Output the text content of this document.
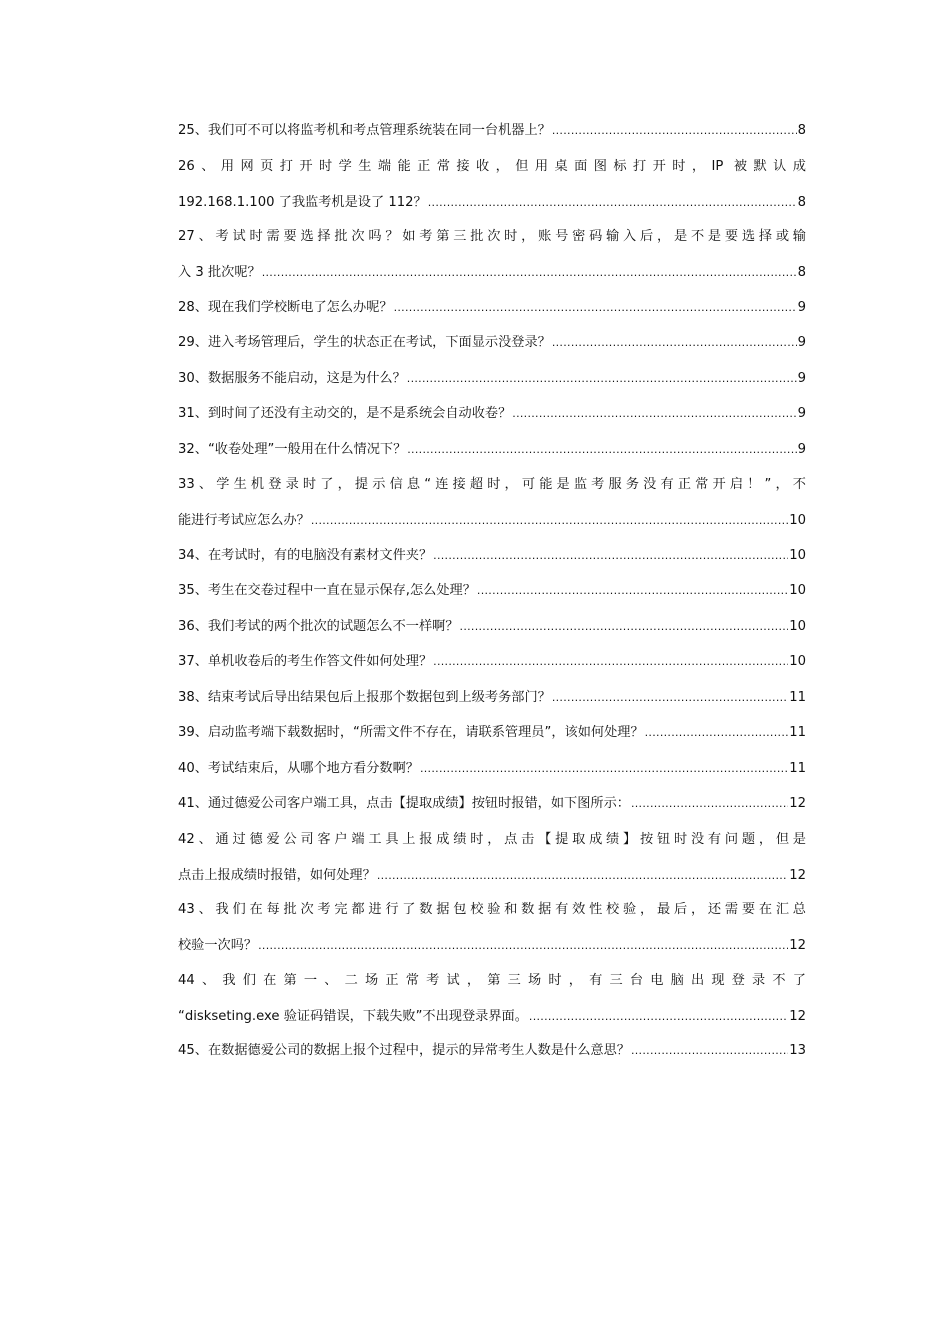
25、我们可不可以将监考机和考点管理系统装在同一台机器上？ .....	8
26、用网页打开时学生端能正常接收，但用桌面图标打开时，IP 被默认成
192.168.1.100 了我监考机是设了 112？ .....	8
27、考试时需要选择批次吗？如考第三批次时，账号密码输入后，是不是要选择或输
入 3 批次呢？ .....	8
28、现在我们学校断电了怎么办呢？ .....	9
29、进入考场管理后，学生的状态正在考试，下面显示没登录？ .....	9
30、数据服务不能启动，这是为什么？ .....	9
31、到时间了还没有主动交的，是不是系统会自动收卷？ .....	9
32、“收卷处理”一般用在什么情况下？ .....	9
33、学生机登录时了，提示信息“连接超时，可能是监考服务没有正常开启！”，不
能进行考试应怎么办？ .....	10
34、在考试时，有的电脑没有素材文件夹？ .....	10
35、考生在交卷过程中一直在显示保存,怎么处理？ .....	10
36、我们考试的两个批次的试题怎么不一样啊？ .....	10
37、单机收卷后的考生作答文件如何处理？ .....	10
38、结束考试后导出结果包后上报那个数据包到上级考务部门？ .....	11
39、启动监考端下载数据时，“所需文件不存在，请联系管理员”，该如何处理？ .....	11
40、考试结束后，从哪个地方看分数啊？ .....	11
41、通过德爱公司客户端工具，点击【提取成绩】按钮时报错，如下图所示： .....	12
42、通过德爱公司客户端工具上报成绩时，点击【提取成绩】按钮时没有问题，但是
点击上报成绩时报错，如何处理？ .....	12
43、我们在每批次考完都进行了数据包校验和数据有效性校验，最后，还需要在汇总
校验一次吗？ .....	12
44、我们在第一、二场正常考试，第三场时，有三台电脑出现登录不了
“diskseting.exe 验证码错误，下载失败”不出现登录界面。 .....	12
45、在数据德爱公司的数据上报个过程中，提示的异常考生人数是什么意思？ .....	13
